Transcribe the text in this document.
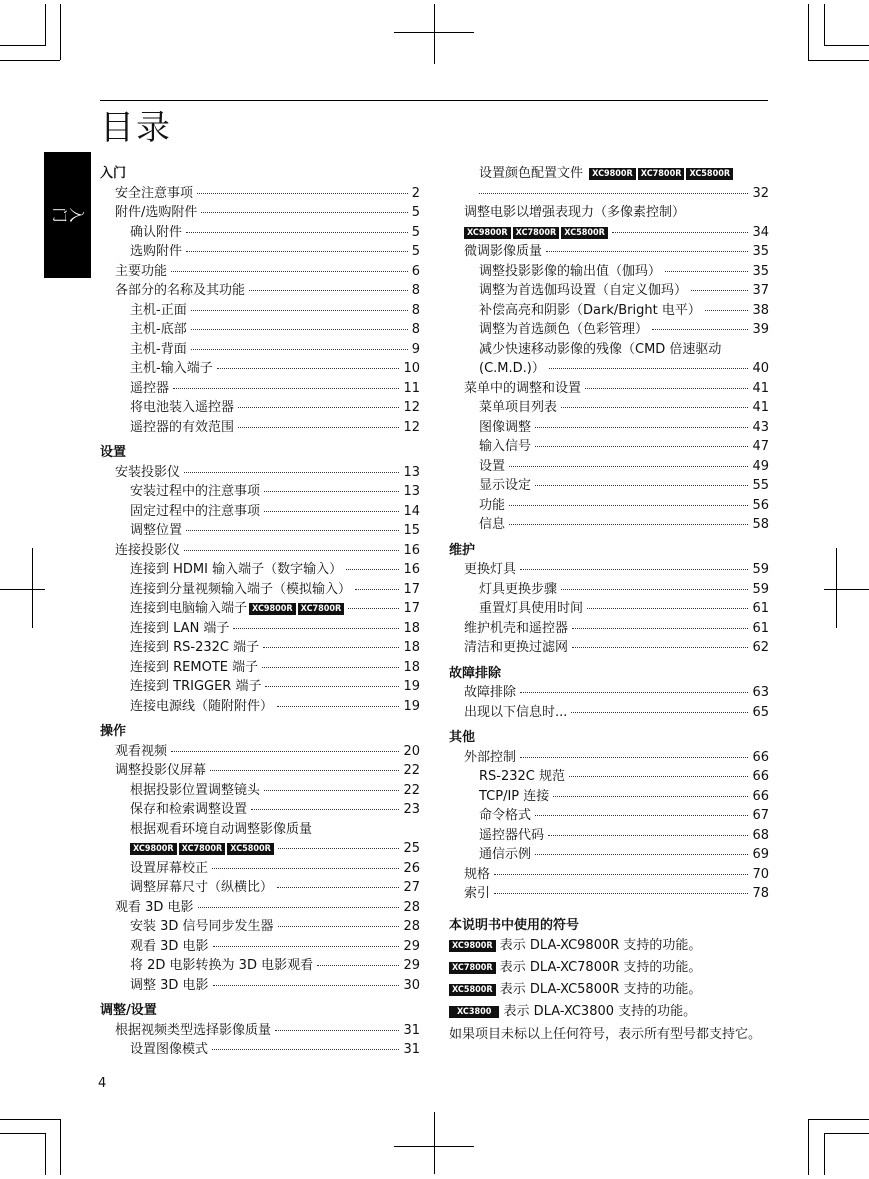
目录
入门
入门
安全注意事项	2
附件/选购附件	5
确认附件	5
选购附件	5
主要功能	6
各部分的名称及其功能	8
主机-正面	8
主机-底部	8
主机-背面	9
主机-输入端子	10
遥控器	11
将电池装入遥控器	12
遥控器的有效范围	12
设置
安装投影仪	13
安装过程中的注意事项	13
固定过程中的注意事项	14
调整位置	15
连接投影仪	16
连接到 HDMI 输入端子（数字输入）	16
连接到分量视频输入端子（模拟输入）	17
连接到电脑输入端子 XC9800R XC7800R	17
连接到 LAN 端子	18
连接到 RS-232C 端子	18
连接到 REMOTE 端子	18
连接到 TRIGGER 端子	19
连接电源线（随附附件）	19
操作
观看视频	20
调整投影仪屏幕	22
根据投影位置调整镜头	22
保存和检索调整设置	23
根据观看环境自动调整影像质量
XC9800R XC7800R XC5800R	25
设置屏幕校正	26
调整屏幕尺寸（纵横比）	27
观看 3D 电影	28
安装 3D 信号同步发生器	28
观看 3D 电影	29
将 2D 电影转换为 3D 电影观看	29
调整 3D 电影	30
调整/设置
根据视频类型选择影像质量	31
设置图像模式	31
设置颜色配置文件 XC9800R XC7800R XC5800R
32
调整电影以增强表现力（多像素控制）
XC9800R XC7800R XC5800R	34
微调影像质量	35
调整投影影像的输出值（伽玛）	35
调整为首选伽玛设置（自定义伽玛）	37
补偿高亮和阴影（Dark/Bright 电平）	38
调整为首选颜色（色彩管理）	39
减少快速移动影像的残像（CMD 倍速驱动
(C.M.D.)）	40
菜单中的调整和设置	41
菜单项目列表	41
图像调整	43
输入信号	47
设置	49
显示设定	55
功能	56
信息	58
维护
更换灯具	59
灯具更换步骤	59
重置灯具使用时间	61
维护机壳和遥控器	61
清洁和更换过滤网	62
故障排除
故障排除	63
出现以下信息时...	65
其他
外部控制	66
RS-232C 规范	66
TCP/IP 连接	66
命令格式	67
遥控器代码	68
通信示例	69
规格	70
索引	78
本说明书中使用的符号
XC9800R 表示 DLA-XC9800R 支持的功能。
XC7800R 表示 DLA-XC7800R 支持的功能。
XC5800R 表示 DLA-XC5800R 支持的功能。
XC3800 表示 DLA-XC3800 支持的功能。
如果项目未标以上任何符号，表示所有型号都支持它。
4
